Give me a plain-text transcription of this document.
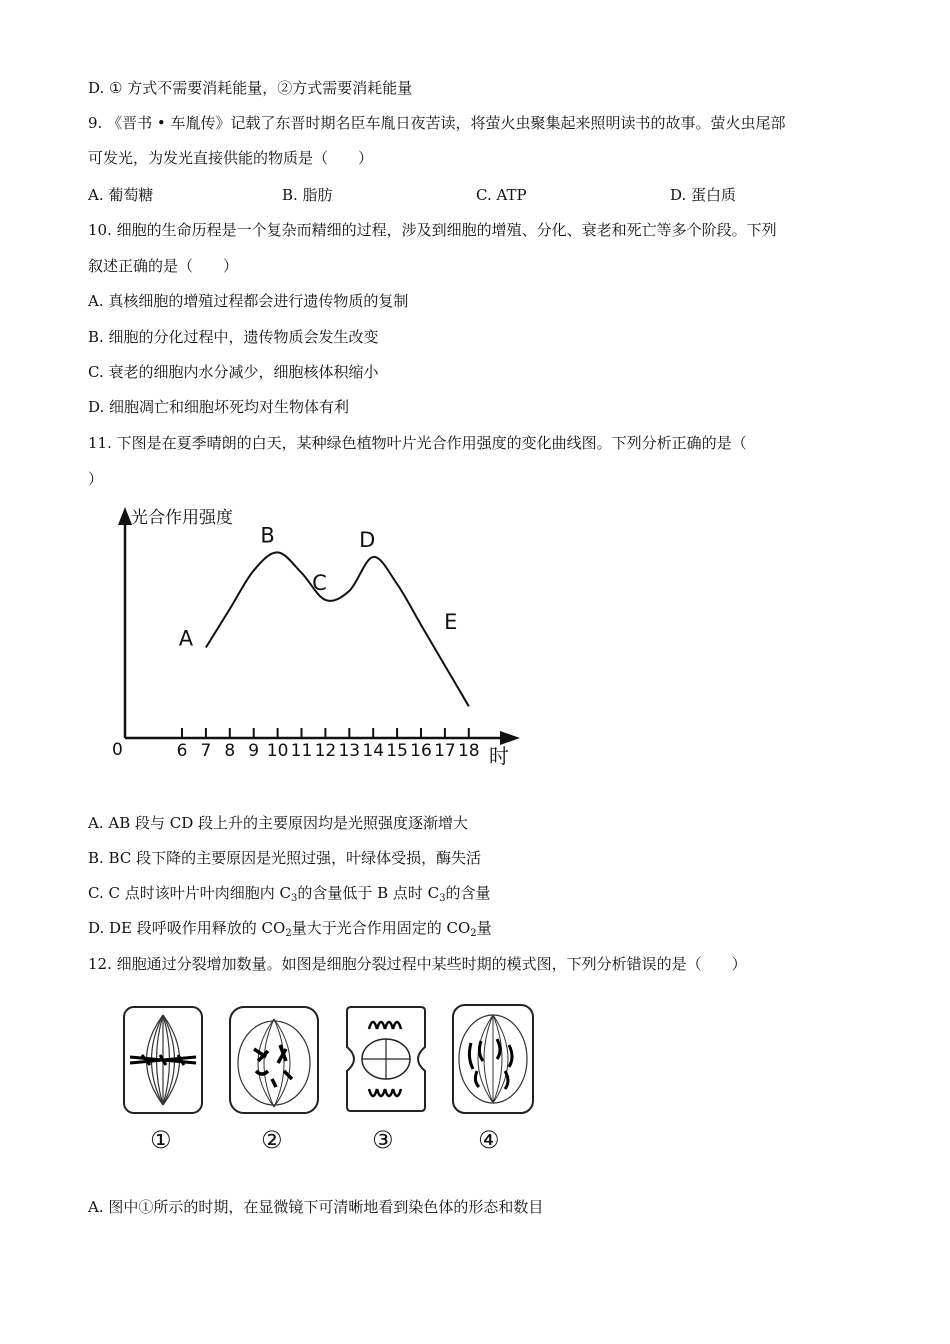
D. ① 方式不需要消耗能量，②方式需要消耗能量
9. 《晋书 • 车胤传》记载了东晋时期名臣车胤日夜苦读，将萤火虫聚集起来照明读书的故事。萤火虫尾部
可发光，为发光直接供能的物质是（　　）
A. 葡萄糖	B. 脂肪	C. ATP	D. 蛋白质
10. 细胞的生命历程是一个复杂而精细的过程，涉及到细胞的增殖、分化、衰老和死亡等多个阶段。下列
叙述正确的是（　　）
A. 真核细胞的增殖过程都会进行遗传物质的复制
B. 细胞的分化过程中，遗传物质会发生改变
C. 衰老的细胞内水分减少，细胞核体积缩小
D. 细胞凋亡和细胞坏死均对生物体有利
11. 下图是在夏季晴朗的白天，某种绿色植物叶片光合作用强度的变化曲线图。下列分析正确的是（
）
6 7 8 9 10 11 12 13 14 15 16 17 18
A
B
C
D
E
光合作用强度
时
0
A. AB 段与 CD 段上升的主要原因均是光照强度逐渐增大
B. BC 段下降的主要原因是光照过强，叶绿体受损，酶失活
C. C 点时该叶片叶肉细胞内 $C_3$的含量低于 B 点时 $C_3$的含量
D. DE 段呼吸作用释放的 $CO_2$量大于光合作用固定的 $CO_2$量
12. 细胞通过分裂增加数量。如图是细胞分裂过程中某些时期的模式图，下列分析错误的是（　　）
①	②	③	④
A. 图中①所示的时期，在显微镜下可清晰地看到染色体的形态和数目
